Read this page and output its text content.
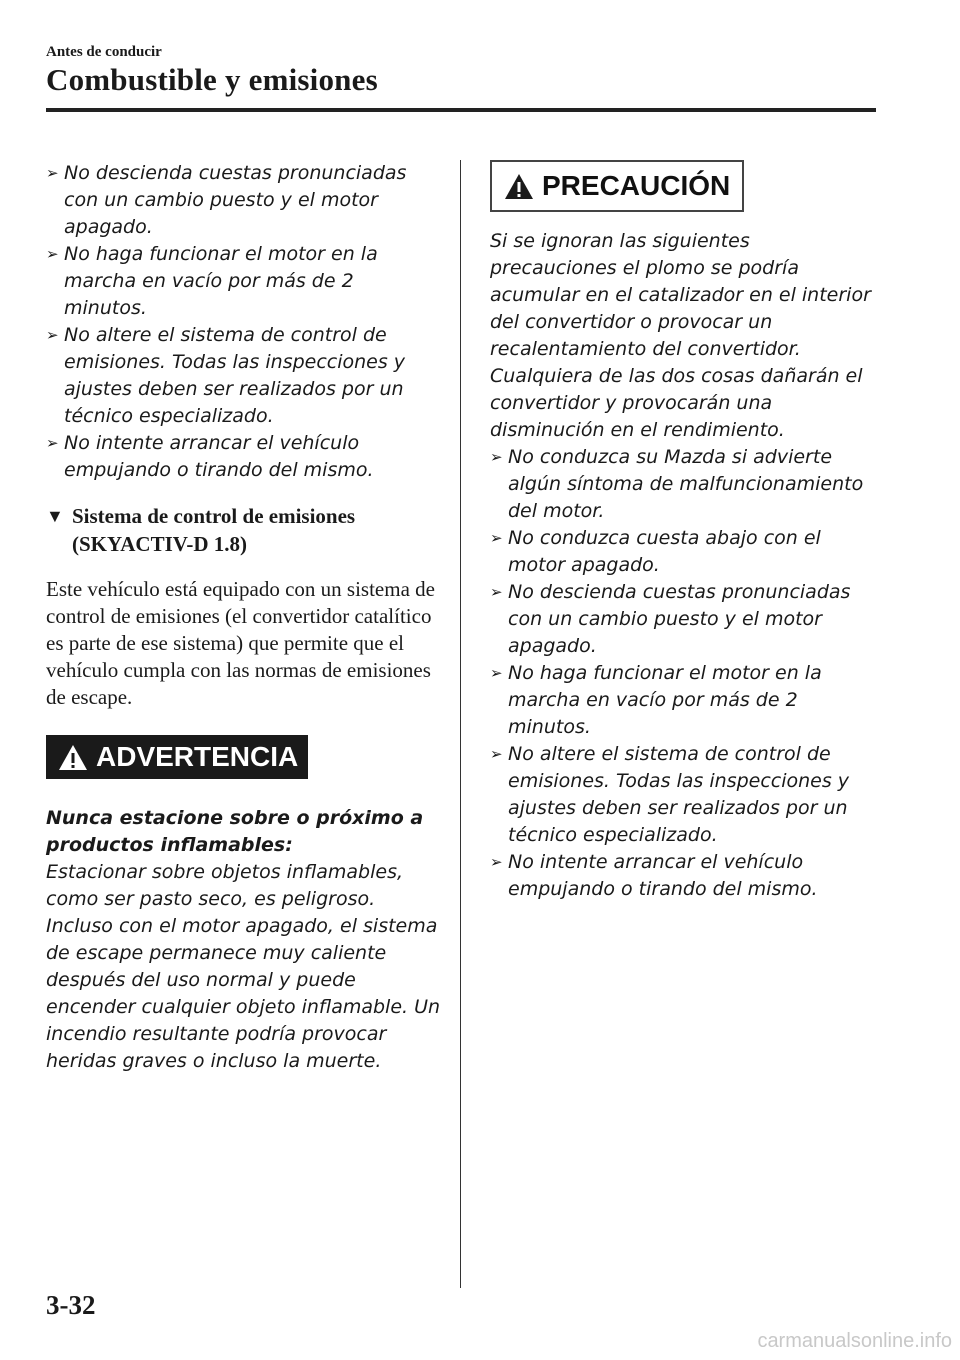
Antes de conducir
Combustible y emisiones
➢ No descienda cuestas pronunciadas con un cambio puesto y el motor apagado.
➢ No haga funcionar el motor en la marcha en vacío por más de 2 minutos.
➢ No altere el sistema de control de emisiones. Todas las inspecciones y ajustes deben ser realizados por un técnico especializado.
➢ No intente arrancar el vehículo empujando o tirando del mismo.
▼ Sistema de control de emisiones
(SKYACTIV-D 1.8)
Este vehículo está equipado con un sistema de control de emisiones (el convertidor catalítico es parte de ese sistema) que permite que el vehículo cumpla con las normas de emisiones de escape.
ADVERTENCIA
Nunca estacione sobre o próximo a productos inflamables:
Estacionar sobre objetos inflamables, como ser pasto seco, es peligroso. Incluso con el motor apagado, el sistema de escape permanece muy caliente después del uso normal y puede encender cualquier objeto inflamable. Un incendio resultante podría provocar heridas graves o incluso la muerte.
PRECAUCIÓN
Si se ignoran las siguientes precauciones el plomo se podría acumular en el catalizador en el interior del convertidor o provocar un recalentamiento del convertidor. Cualquiera de las dos cosas dañarán el convertidor y provocarán una disminución en el rendimiento.
➢ No conduzca su Mazda si advierte algún síntoma de malfuncionamiento del motor.
➢ No conduzca cuesta abajo con el motor apagado.
➢ No descienda cuestas pronunciadas con un cambio puesto y el motor apagado.
➢ No haga funcionar el motor en la marcha en vacío por más de 2 minutos.
➢ No altere el sistema de control de emisiones. Todas las inspecciones y ajustes deben ser realizados por un técnico especializado.
➢ No intente arrancar el vehículo empujando o tirando del mismo.
3-32
carmanualsonline.info
